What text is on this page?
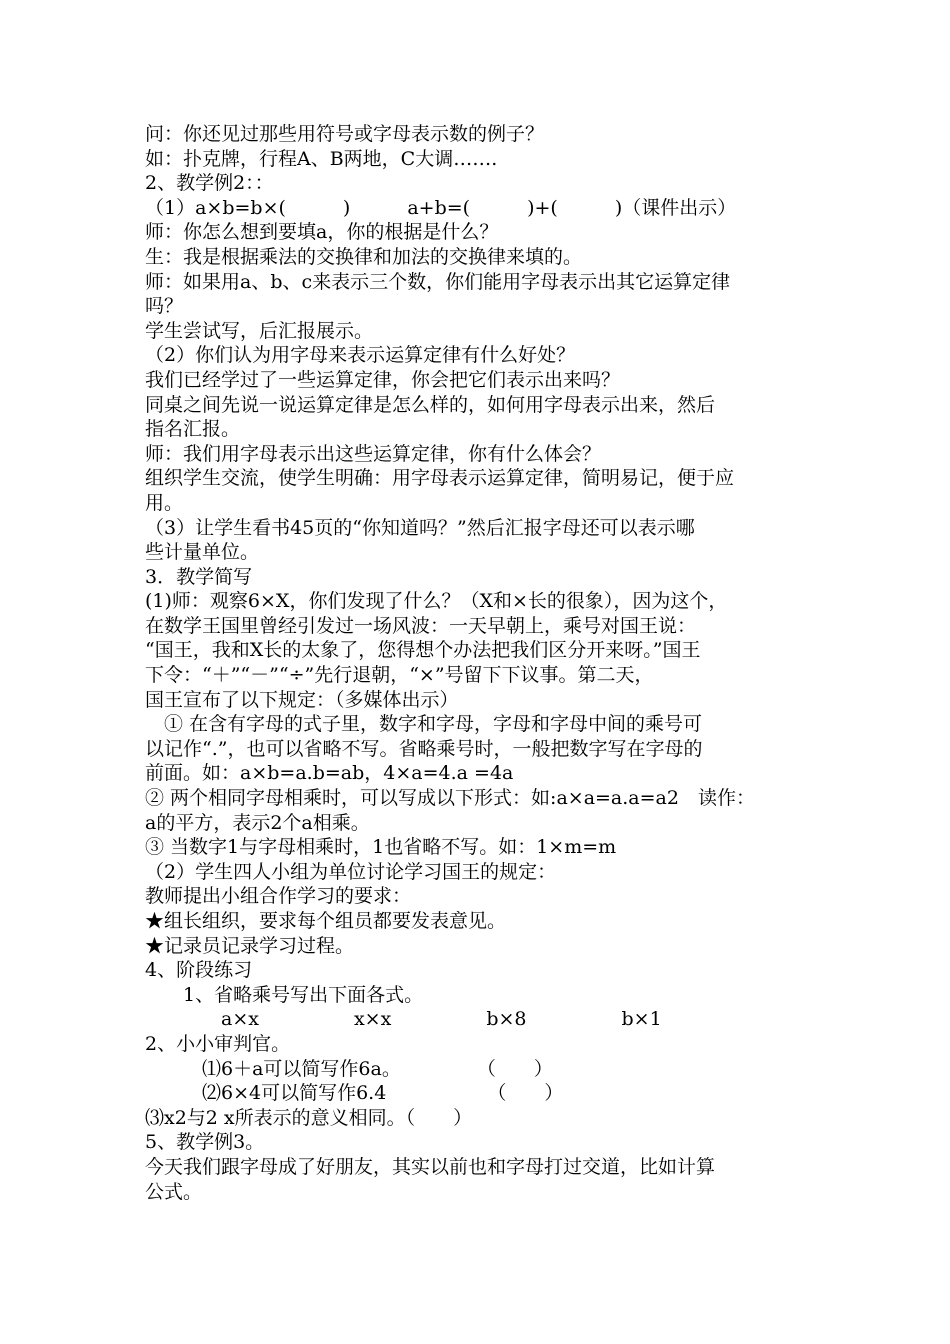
问：你还见过那些用符号或字母表示数的例子？

如：扑克牌，行程A、B两地，C大调…….

2、教学例2：：

（1）a×b=b×(　　　)　　　a+b=(　　　)+(　　　)（课件出示）

师：你怎么想到要填a，你的根据是什么？

生：我是根据乘法的交换律和加法的交换律来填的。

师：如果用a、b、c来表示三个数，你们能用字母表示出其它运算定律

吗？

学生尝试写，后汇报展示。

（2）你们认为用字母来表示运算定律有什么好处？

我们已经学过了一些运算定律，你会把它们表示出来吗？

同桌之间先说一说运算定律是怎么样的，如何用字母表示出来，然后

指名汇报。

师：我们用字母表示出这些运算定律，你有什么体会？

组织学生交流，使学生明确：用字母表示运算定律，简明易记，便于应

用。

（3）让学生看书45页的“你知道吗？”然后汇报字母还可以表示哪

些计量单位。

3．教学简写

(1)师：观察6×X，你们发现了什么？（X和×长的很象），因为这个，

在数学王国里曾经引发过一场风波：一天早朝上，乘号对国王说：

“国王，我和X长的太象了，您得想个办法把我们区分开来呀。”国王

下令：“＋”“－”“÷”先行退朝，“×”号留下下议事。第二天，

国王宣布了以下规定：（多媒体出示）

　① 在含有字母的式子里，数字和字母，字母和字母中间的乘号可

以记作“.”，也可以省略不写。省略乘号时，一般把数字写在字母的

前面。如：a×b=a.b=ab，4×a=4.a =4a

② 两个相同字母相乘时，可以写成以下形式：如:a×a=a.a=a2　读作：

a的平方，表示2个a相乘。

③ 当数字1与字母相乘时，1也省略不写。如：1×m=m

（2）学生四人小组为单位讨论学习国王的规定：

教师提出小组合作学习的要求：

★组长组织，要求每个组员都要发表意见。

★记录员记录学习过程。

4、阶段练习

　　1、省略乘号写出下面各式。

　　　　a×x　　　　　x×x　　　　　b×8　　　　　b×1

2、小小审判官。

　　　⑴6＋a可以简写作6a。　　　　　（　　）

　　　⑵6×4可以简写作6.4　　　　　 （　　）

⑶x2与2 x所表示的意义相同。（　　）

5、教学例3。

今天我们跟字母成了好朋友，其实以前也和字母打过交道，比如计算

公式。
